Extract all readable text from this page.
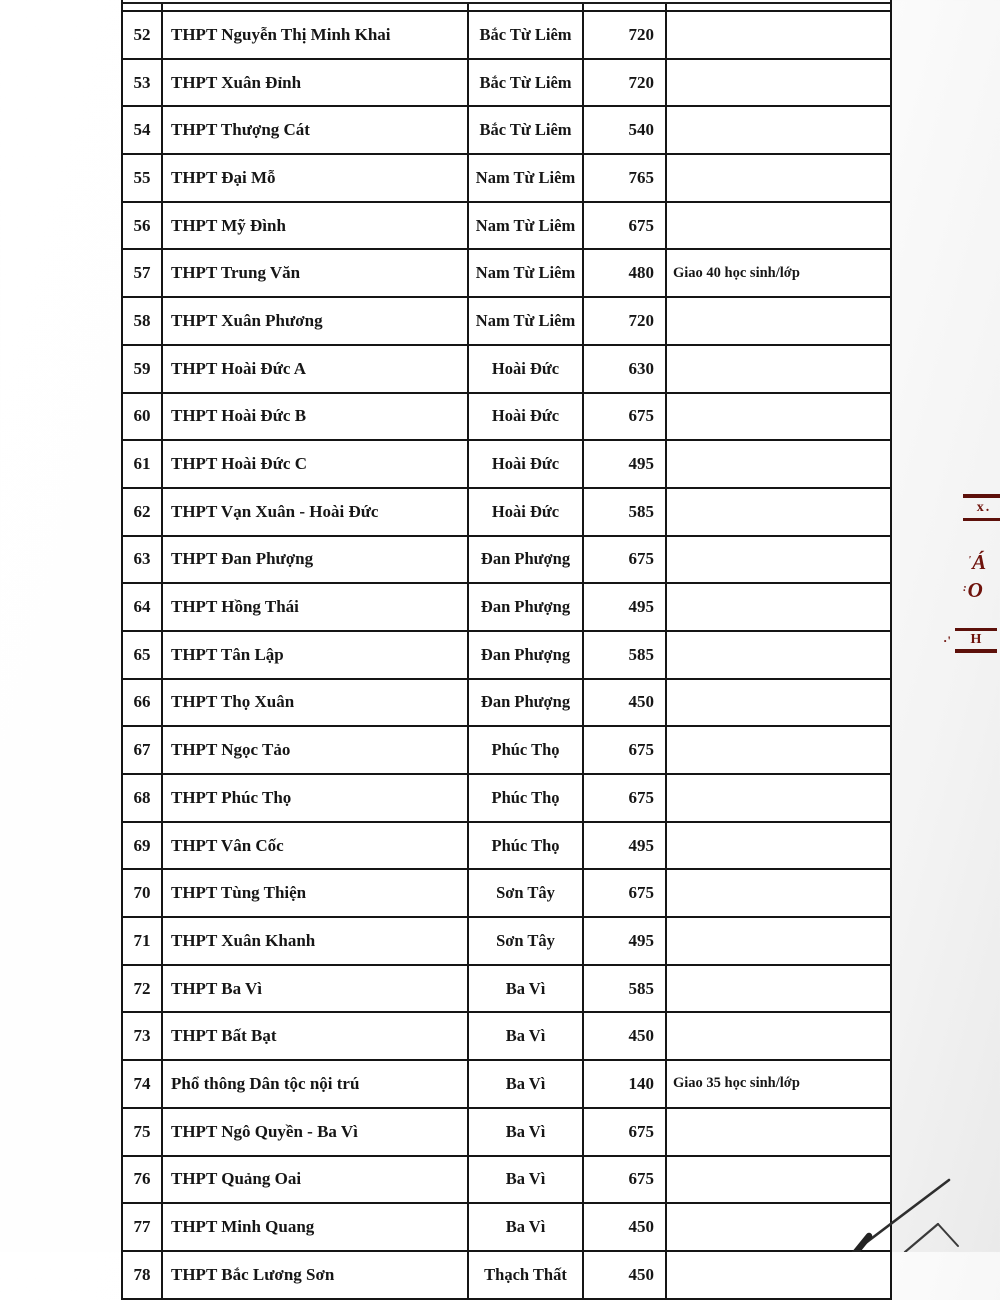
52	THPT Nguyễn Thị Minh Khai	Bắc Từ Liêm	720
53	THPT Xuân Đỉnh	Bắc Từ Liêm	720
54	THPT Thượng Cát	Bắc Từ Liêm	540
55	THPT Đại Mỗ	Nam Từ Liêm	765
56	THPT Mỹ Đình	Nam Từ Liêm	675
57	THPT Trung Văn	Nam Từ Liêm	480	Giao 40 học sinh/lớp
58	THPT Xuân Phương	Nam Từ Liêm	720
59	THPT Hoài Đức A	Hoài Đức	630
60	THPT Hoài Đức B	Hoài Đức	675
61	THPT Hoài Đức C	Hoài Đức	495
62	THPT Vạn Xuân - Hoài Đức	Hoài Đức	585
63	THPT Đan Phượng	Đan Phượng	675
64	THPT Hồng Thái	Đan Phượng	495
65	THPT Tân Lập	Đan Phượng	585
66	THPT Thọ Xuân	Đan Phượng	450
67	THPT Ngọc Tảo	Phúc Thọ	675
68	THPT Phúc Thọ	Phúc Thọ	675
69	THPT Vân Cốc	Phúc Thọ	495
70	THPT Tùng Thiện	Sơn Tây	675
71	THPT Xuân Khanh	Sơn Tây	495
72	THPT Ba Vì	Ba Vì	585
73	THPT Bất Bạt	Ba Vì	450
74	Phổ thông Dân tộc nội trú	Ba Vì	140	Giao 35 học sinh/lớp
75	THPT Ngô Quyền - Ba Vì	Ba Vì	675
76	THPT Quảng Oai	Ba Vì	675
77	THPT Minh Quang	Ba Vì	450
78	THPT Bắc Lương Sơn	Thạch Thất	450
x.
'Á
:O
·'	H
